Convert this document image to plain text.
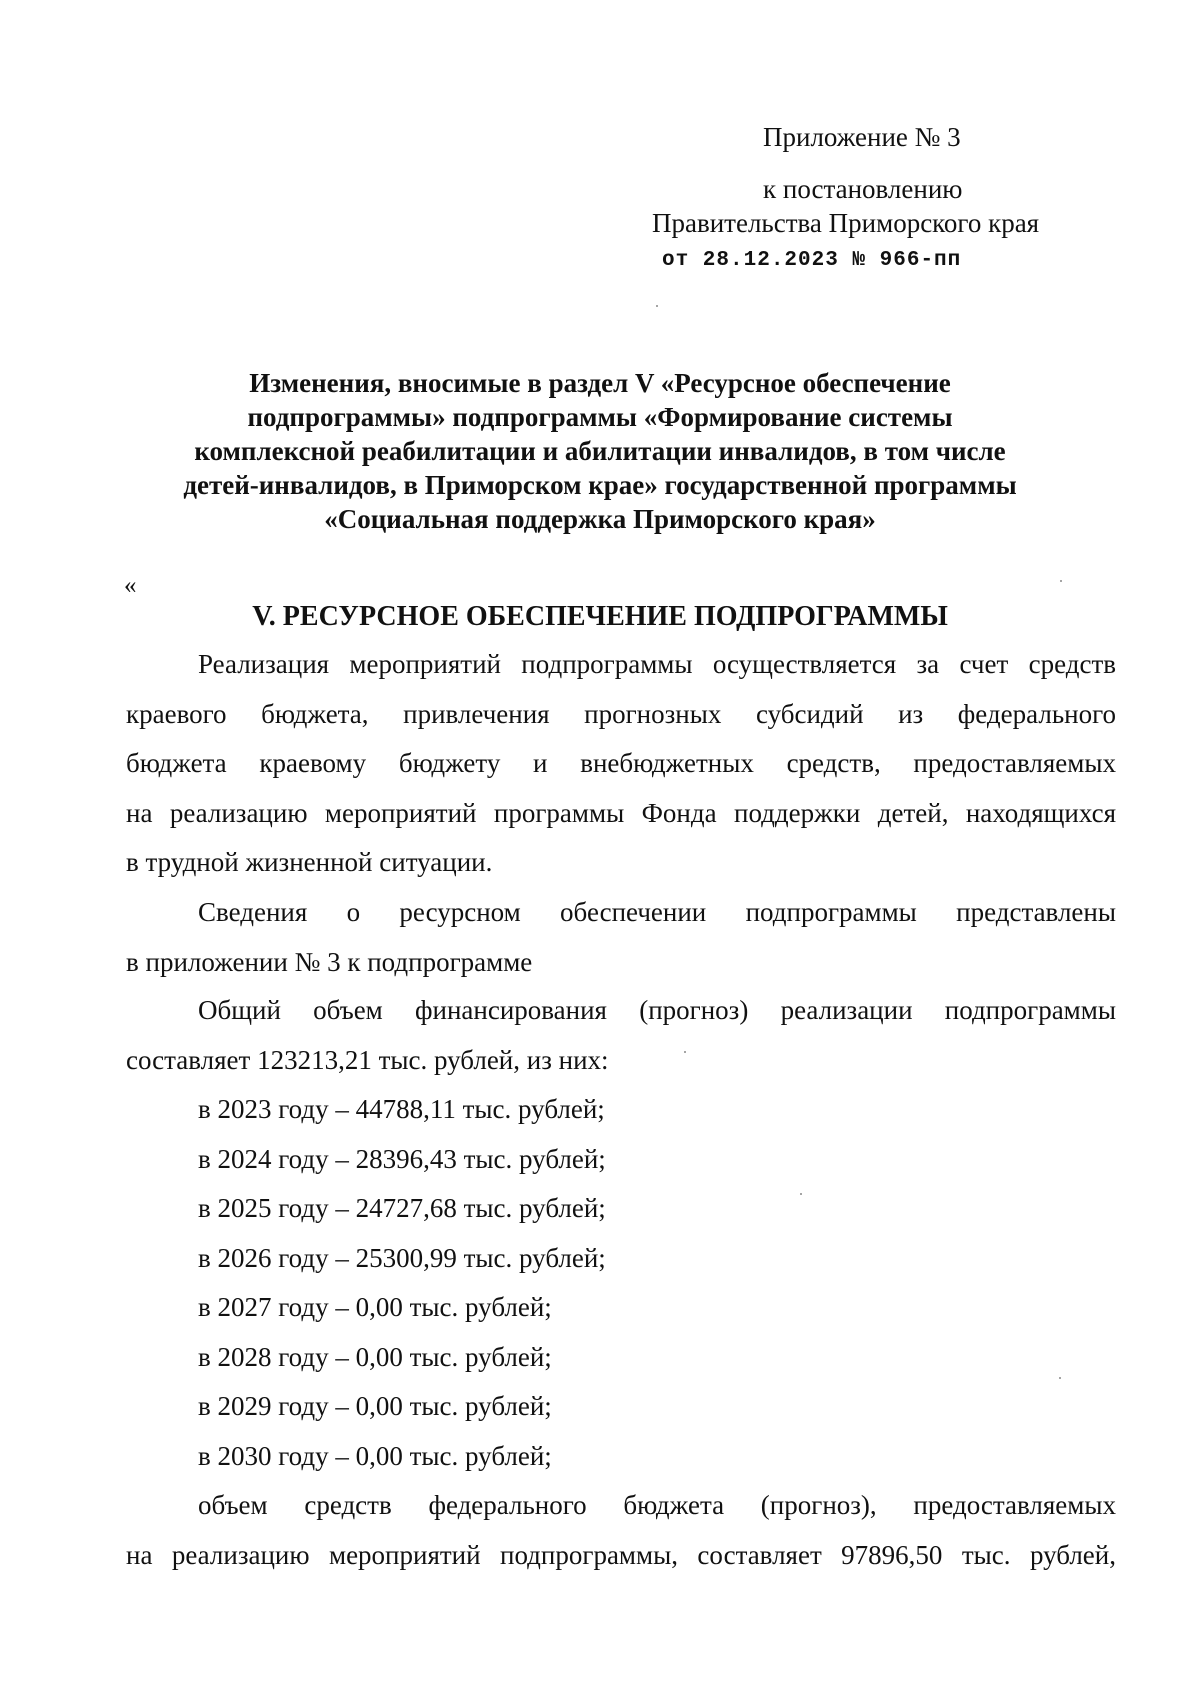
Приложение № 3
к постановлению
Правительства Приморского края
от 28.12.2023 № 966-пп
Изменения, вносимые в раздел V «Ресурсное обеспечение
подпрограммы» подпрограммы «Формирование системы
комплексной реабилитации и абилитации инвалидов, в том числе
детей-инвалидов, в Приморском крае» государственной программы
«Социальная поддержка Приморского края»
«
V. РЕСУРСНОЕ ОБЕСПЕЧЕНИЕ ПОДПРОГРАММЫ

Реализация мероприятий подпрограммы осуществляется за счет средств
краевого бюджета, привлечения прогнозных субсидий из федерального
бюджета краевому бюджету и внебюджетных средств, предоставляемых
на реализацию мероприятий программы Фонда поддержки детей, находящихся
в трудной жизненной ситуации.

Сведения о ресурсном обеспечении подпрограммы представлены
в приложении № 3 к подпрограмме

Общий объем финансирования (прогноз) реализации подпрограммы
составляет 123213,21 тыс. рублей, из них:

в 2023 году – 44788,11 тыс. рублей;
в 2024 году – 28396,43 тыс. рублей;
в 2025 году – 24727,68 тыс. рублей;
в 2026 году – 25300,99 тыс. рублей;
в 2027 году – 0,00 тыс. рублей;
в 2028 году – 0,00 тыс. рублей;
в 2029 году – 0,00 тыс. рублей;
в 2030 году – 0,00 тыс. рублей;

объем средств федерального бюджета (прогноз), предоставляемых
на реализацию мероприятий подпрограммы, составляет 97896,50 тыс. рублей,
